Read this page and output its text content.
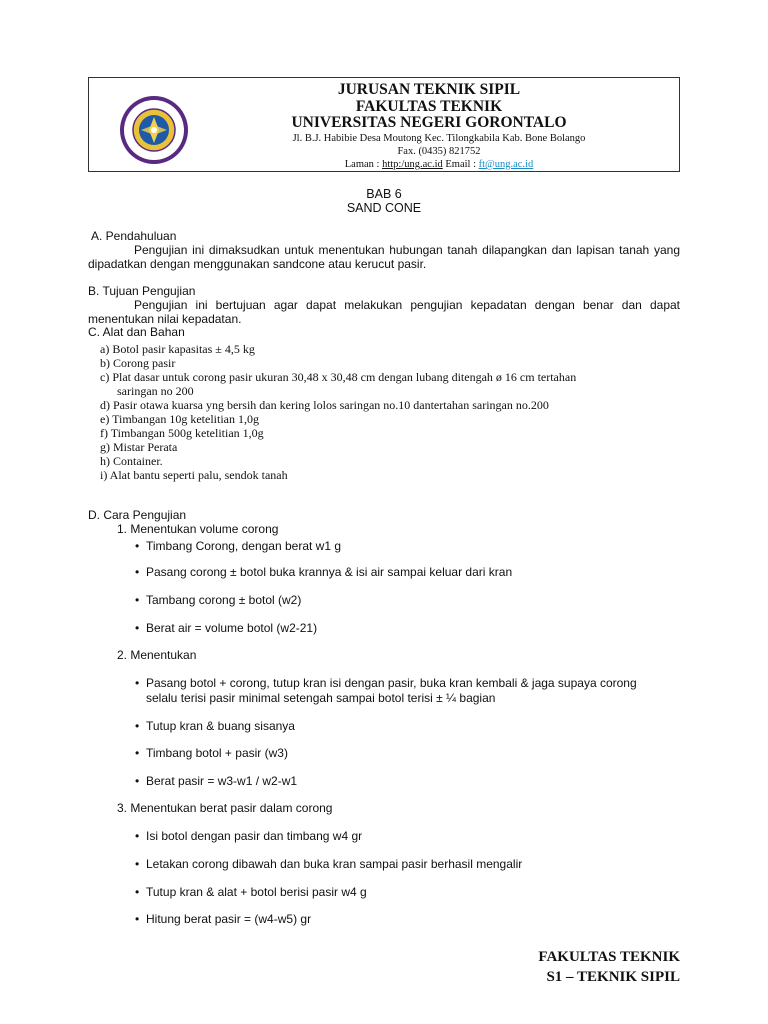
JURUSAN TEKNIK SIPIL
FAKULTAS TEKNIK
UNIVERSITAS NEGERI GORONTALO
Jl. B.J. Habibie Desa Moutong Kec. Tilongkabila Kab. Bone Bolango
Fax. (0435) 821752
Laman : http:/ung.ac.id Email : ft@ung.ac.id
BAB 6
SAND CONE
A. Pendahuluan
Pengujian ini dimaksudkan untuk menentukan hubungan tanah dilapangkan dan lapisan tanah yang dipadatkan dengan menggunakan sandcone atau kerucut pasir.
B. Tujuan Pengujian
Pengujian ini bertujuan agar dapat melakukan pengujian kepadatan dengan benar dan dapat menentukan nilai kepadatan.
C. Alat dan Bahan
a) Botol pasir kapasitas ± 4,5 kg
b) Corong pasir
c) Plat dasar untuk corong pasir ukuran 30,48 x 30,48 cm dengan lubang ditengah ø 16 cm tertahan
saringan no 200
d) Pasir otawa kuarsa yng bersih dan kering lolos saringan no.10 dantertahan saringan no.200
e) Timbangan 10g ketelitian 1,0g
f) Timbangan 500g ketelitian 1,0g
g) Mistar Perata
h) Container.
i) Alat bantu seperti palu, sendok tanah
D. Cara Pengujian
1. Menentukan volume corong
• Timbang Corong, dengan berat w1 g
• Pasang corong ± botol buka krannya & isi air sampai keluar dari kran
• Tambang corong ± botol (w2)
• Berat air = volume botol (w2-21)
2. Menentukan
• Pasang botol + corong, tutup kran isi dengan pasir, buka kran kembali & jaga supaya corong
selalu terisi pasir minimal setengah sampai botol terisi ± ¼ bagian
• Tutup kran & buang sisanya
• Timbang botol + pasir (w3)
• Berat pasir = w3-w1 / w2-w1
3. Menentukan berat pasir dalam corong
• Isi botol dengan pasir dan timbang w4 gr
• Letakan corong dibawah dan buka kran sampai pasir berhasil mengalir
• Tutup kran & alat + botol berisi pasir w4 g
• Hitung berat pasir = (w4-w5) gr
FAKULTAS TEKNIK
S1 – TEKNIK SIPIL
